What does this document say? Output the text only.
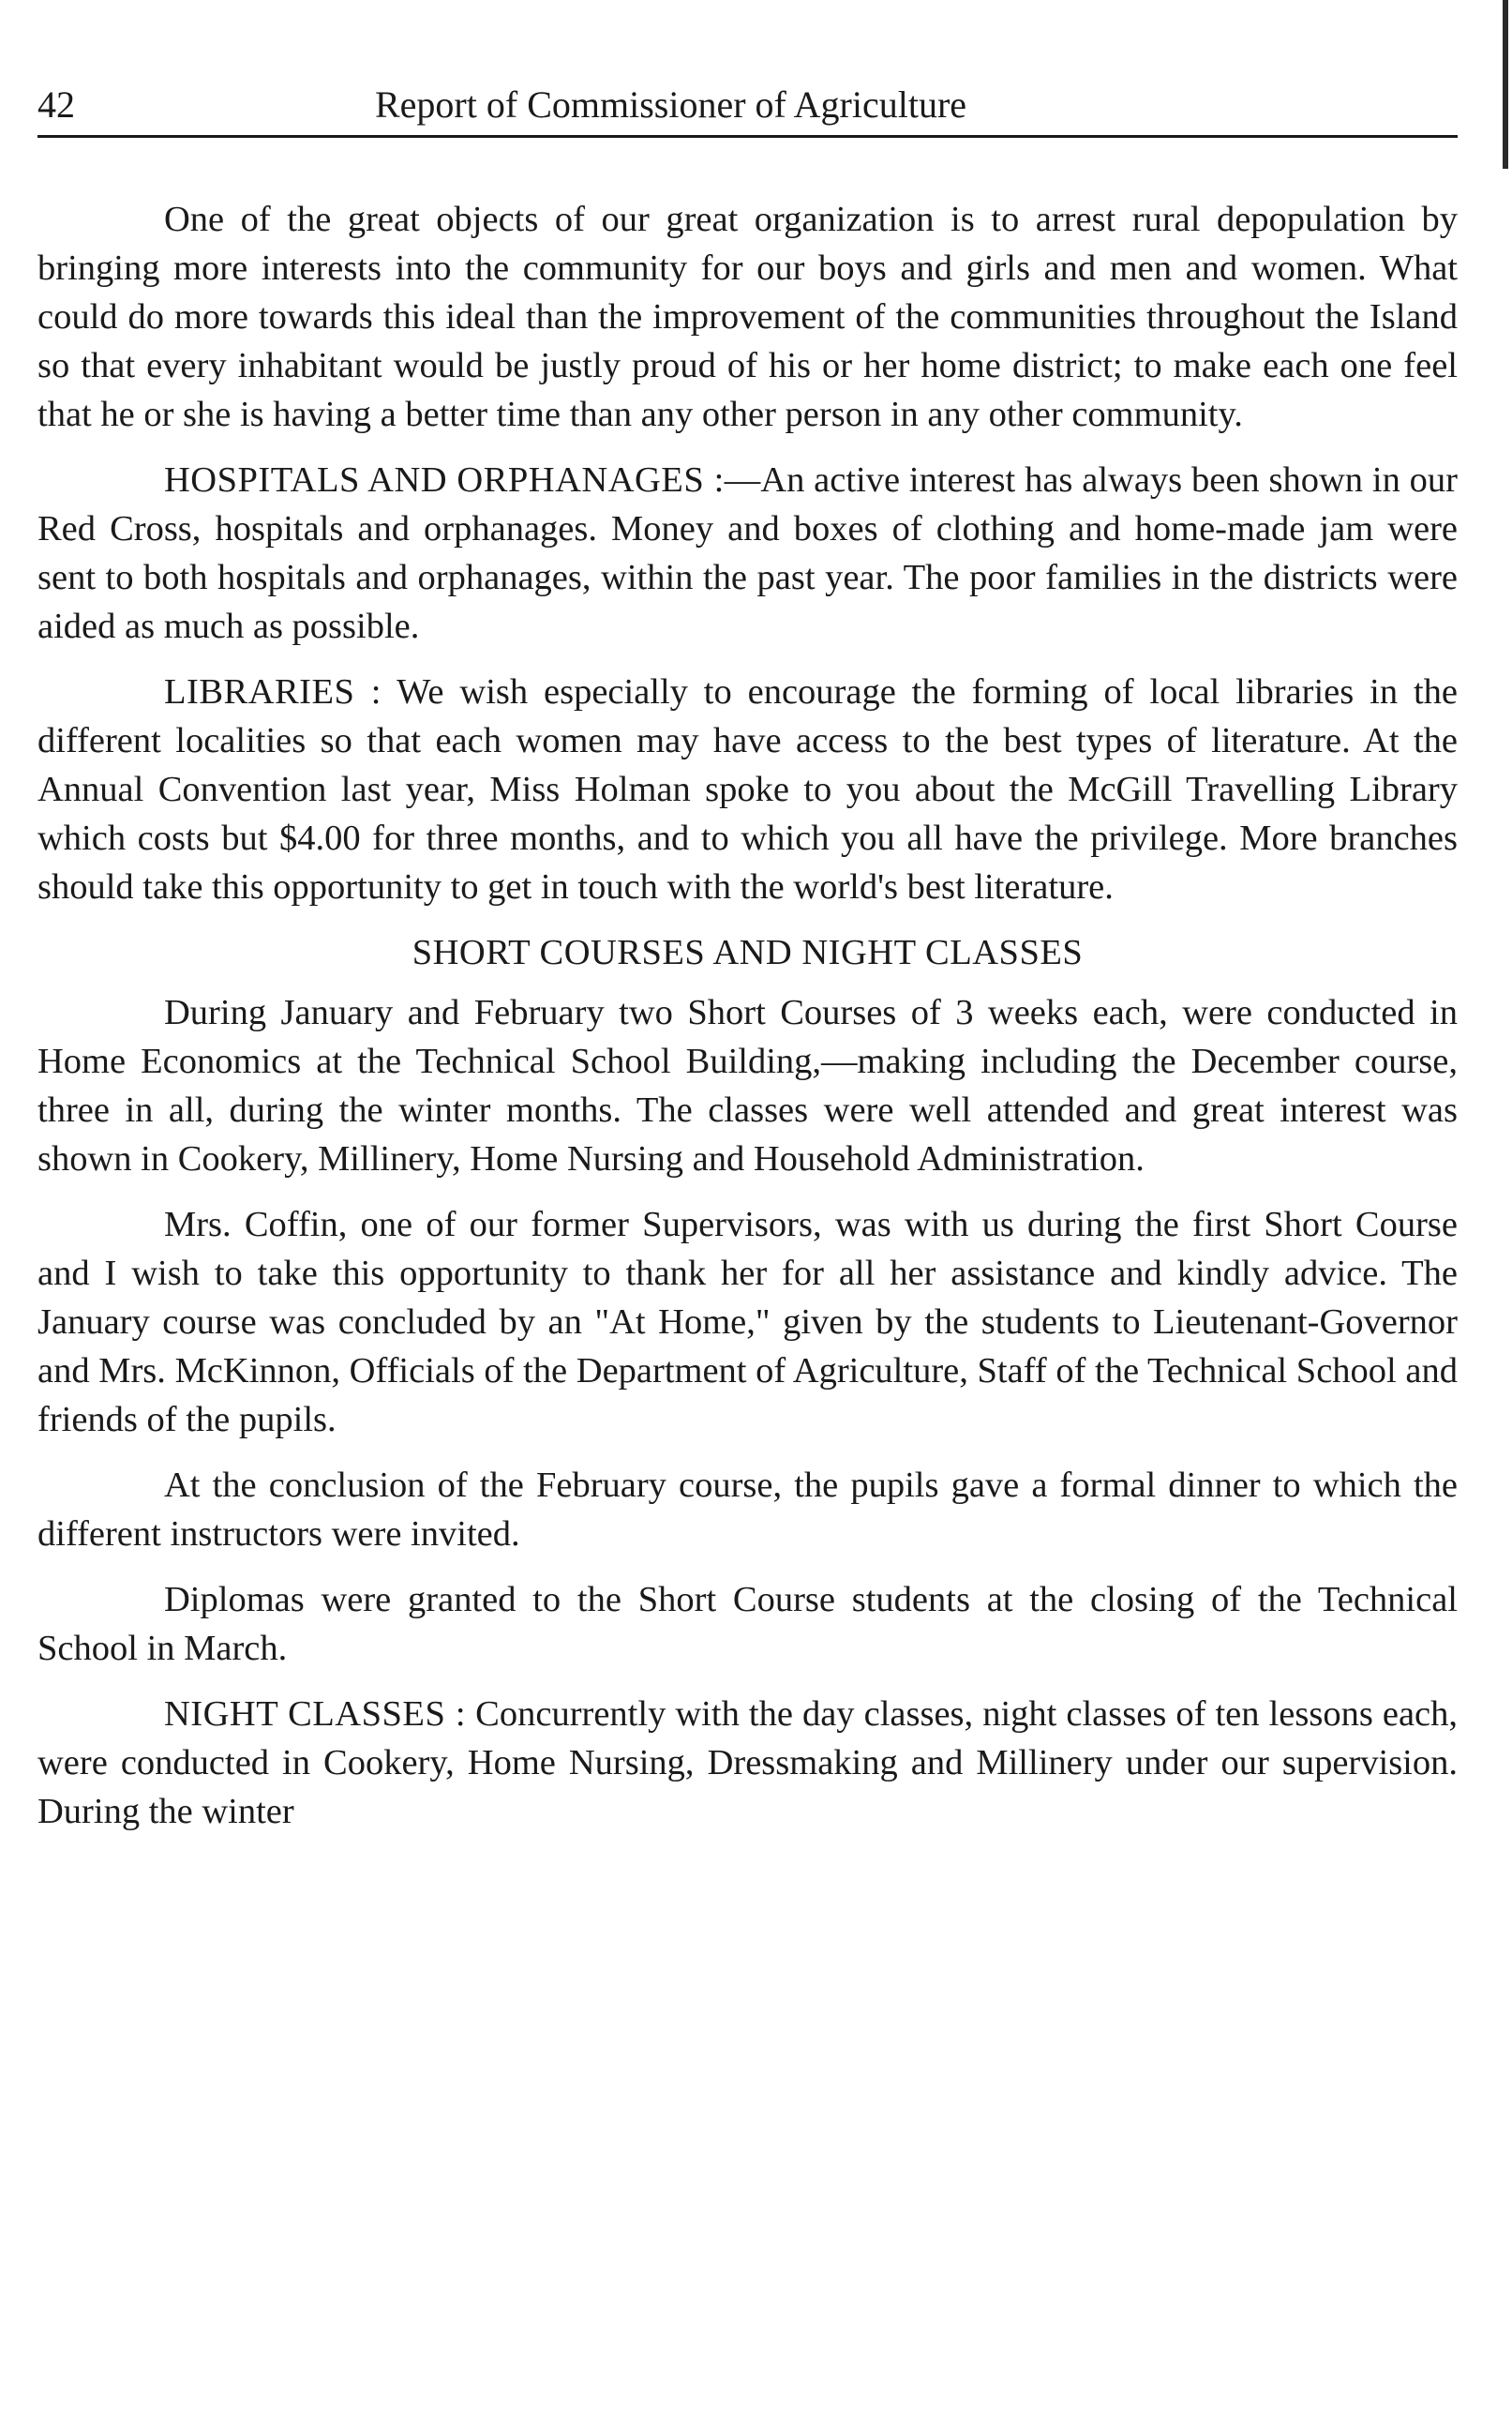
42	Report of Commissioner of Agriculture

One of the great objects of our great organization is to arrest rural depopulation by bringing more interests into the community for our boys and girls and men and women. What could do more towards this ideal than the improvement of the communities throughout the Island so that every inhabitant would be justly proud of his or her home district; to make each one feel that he or she is having a better time than any other person in any other community.

HOSPITALS AND ORPHANAGES :—An active interest has always been shown in our Red Cross, hospitals and orphanages. Money and boxes of clothing and home-made jam were sent to both hospitals and orphanages, within the past year. The poor families in the districts were aided as much as possible.

LIBRARIES : We wish especially to encourage the forming of local libraries in the different localities so that each women may have access to the best types of literature. At the Annual Convention last year, Miss Holman spoke to you about the McGill Travelling Library which costs but $4.00 for three months, and to which you all have the privilege. More branches should take this opportunity to get in touch with the world's best literature.

SHORT COURSES AND NIGHT CLASSES

During January and February two Short Courses of 3 weeks each, were conducted in Home Economics at the Technical School Building,—making including the December course, three in all, during the winter months. The classes were well attended and great interest was shown in Cookery, Millinery, Home Nursing and Household Administration.

Mrs. Coffin, one of our former Supervisors, was with us during the first Short Course and I wish to take this opportunity to thank her for all her assistance and kindly advice. The January course was concluded by an "At Home," given by the students to Lieutenant-Governor and Mrs. McKinnon, Officials of the Department of Agriculture, Staff of the Technical School and friends of the pupils.

At the conclusion of the February course, the pupils gave a formal dinner to which the different instructors were invited.

Diplomas were granted to the Short Course students at the closing of the Technical School in March.

NIGHT CLASSES : Concurrently with the day classes, night classes of ten lessons each, were conducted in Cookery, Home Nursing, Dressmaking and Millinery under our supervision. During the winter
